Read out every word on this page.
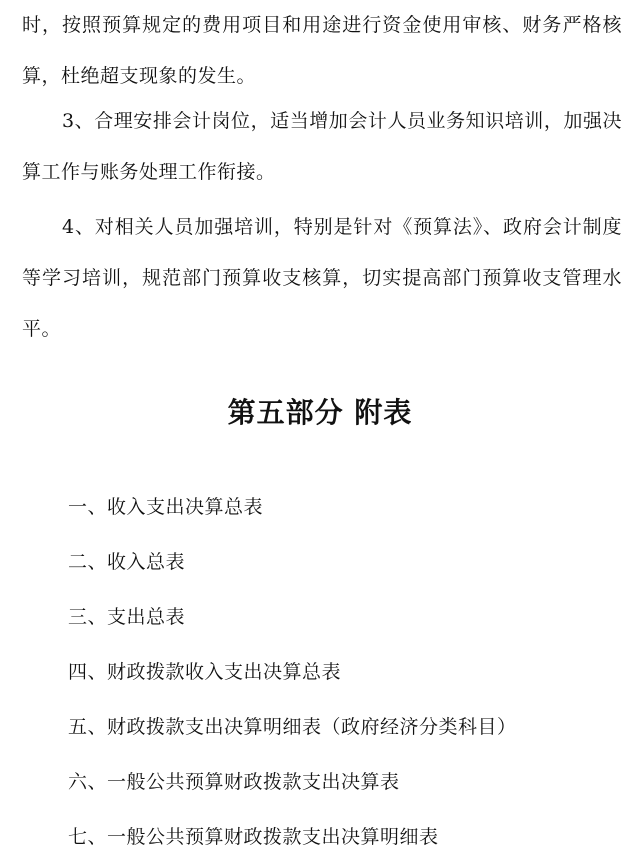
时，按照预算规定的费用项目和用途进行资金使用审核、财务严格核算，杜绝超支现象的发生。

3、合理安排会计岗位，适当增加会计人员业务知识培训，加强决算工作与账务处理工作衔接。

4、对相关人员加强培训，特别是针对《预算法》、政府会计制度等学习培训，规范部门预算收支核算，切实提高部门预算收支管理水平。

第五部分 附表
一、收入支出决算总表
二、收入总表
三、支出总表
四、财政拨款收入支出决算总表
五、财政拨款支出决算明细表（政府经济分类科目）
六、一般公共预算财政拨款支出决算表
七、一般公共预算财政拨款支出决算明细表
